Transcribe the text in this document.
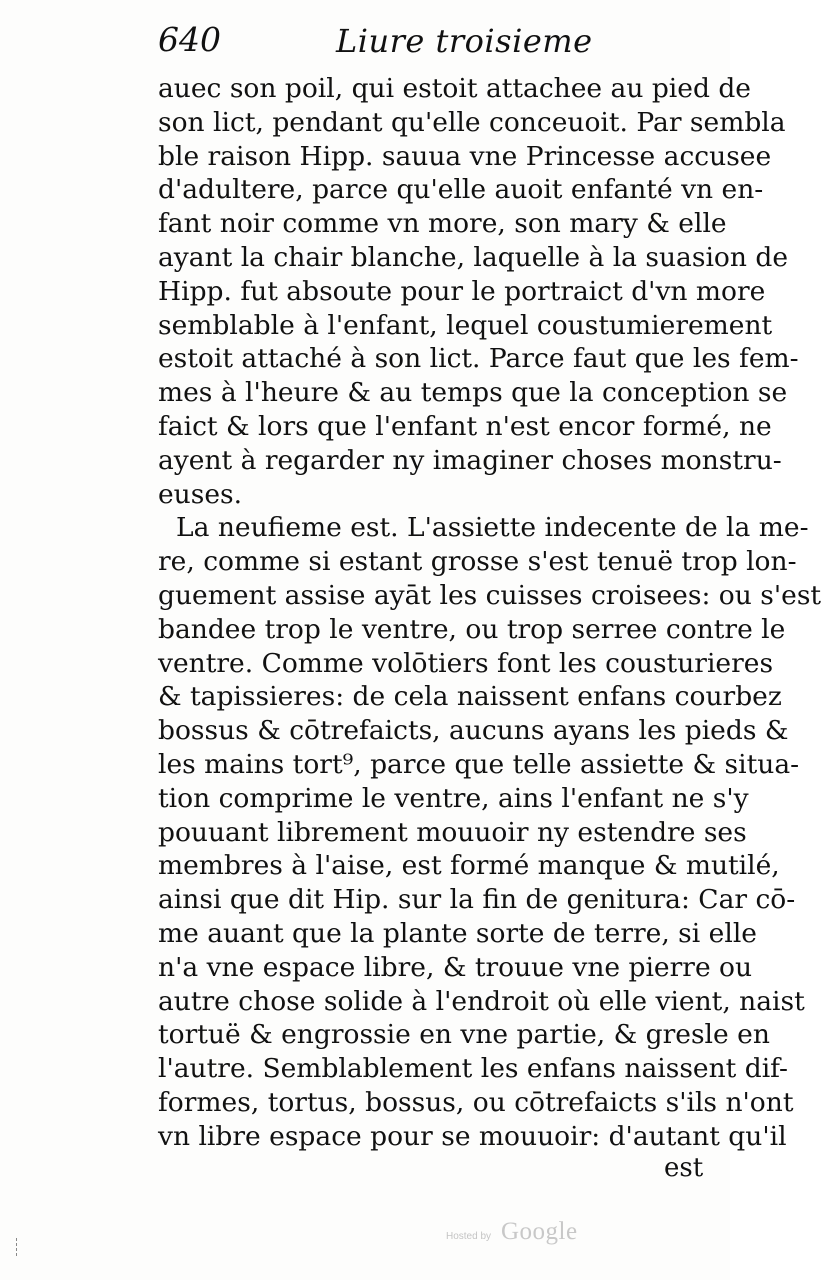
640	Liure troisieme
auec son poil, qui estoit attachee au pied de
son lict, pendant qu'elle conceuoit. Par sembla
ble raison Hipp. sauua vne Princesse accusee
d'adultere, parce qu'elle auoit enfanté vn en-
fant noir comme vn more, son mary & elle
ayant la chair blanche, laquelle à la suasion de
Hipp. fut absoute pour le portraict d'vn more
semblable à l'enfant, lequel coustumierement
estoit attaché à son lict. Parce faut que les fem-
mes à l'heure & au temps que la conception se
faict & lors que l'enfant n'est encor formé, ne
ayent à regarder ny imaginer choses monstru-
euses.
La neufieme est. L'assiette indecente de la me-
re, comme si estant grosse s'est tenuë trop lon-
guement assise ayāt les cuisses croisees: ou s'est
bandee trop le ventre, ou trop serree contre le
ventre. Comme volōtiers font les cousturieres
& tapissieres: de cela naissent enfans courbez
bossus & cōtrefaicts, aucuns ayans les pieds &
les mains tort⁹, parce que telle assiette & situa-
tion comprime le ventre, ains l'enfant ne s'y
pouuant librement mouuoir ny estendre ses
membres à l'aise, est formé manque & mutilé,
ainsi que dit Hip. sur la fin de genitura: Car cō-
me auant que la plante sorte de terre, si elle
n'a vne espace libre, & trouue vne pierre ou
autre chose solide à l'endroit où elle vient, naist
tortuë & engrossie en vne partie, & gresle en
l'autre. Semblablement les enfans naissent dif-
formes, tortus, bossus, ou cōtrefaicts s'ils n'ont
vn libre espace pour se mouuoir: d'autant qu'il
est
Hosted by Google
